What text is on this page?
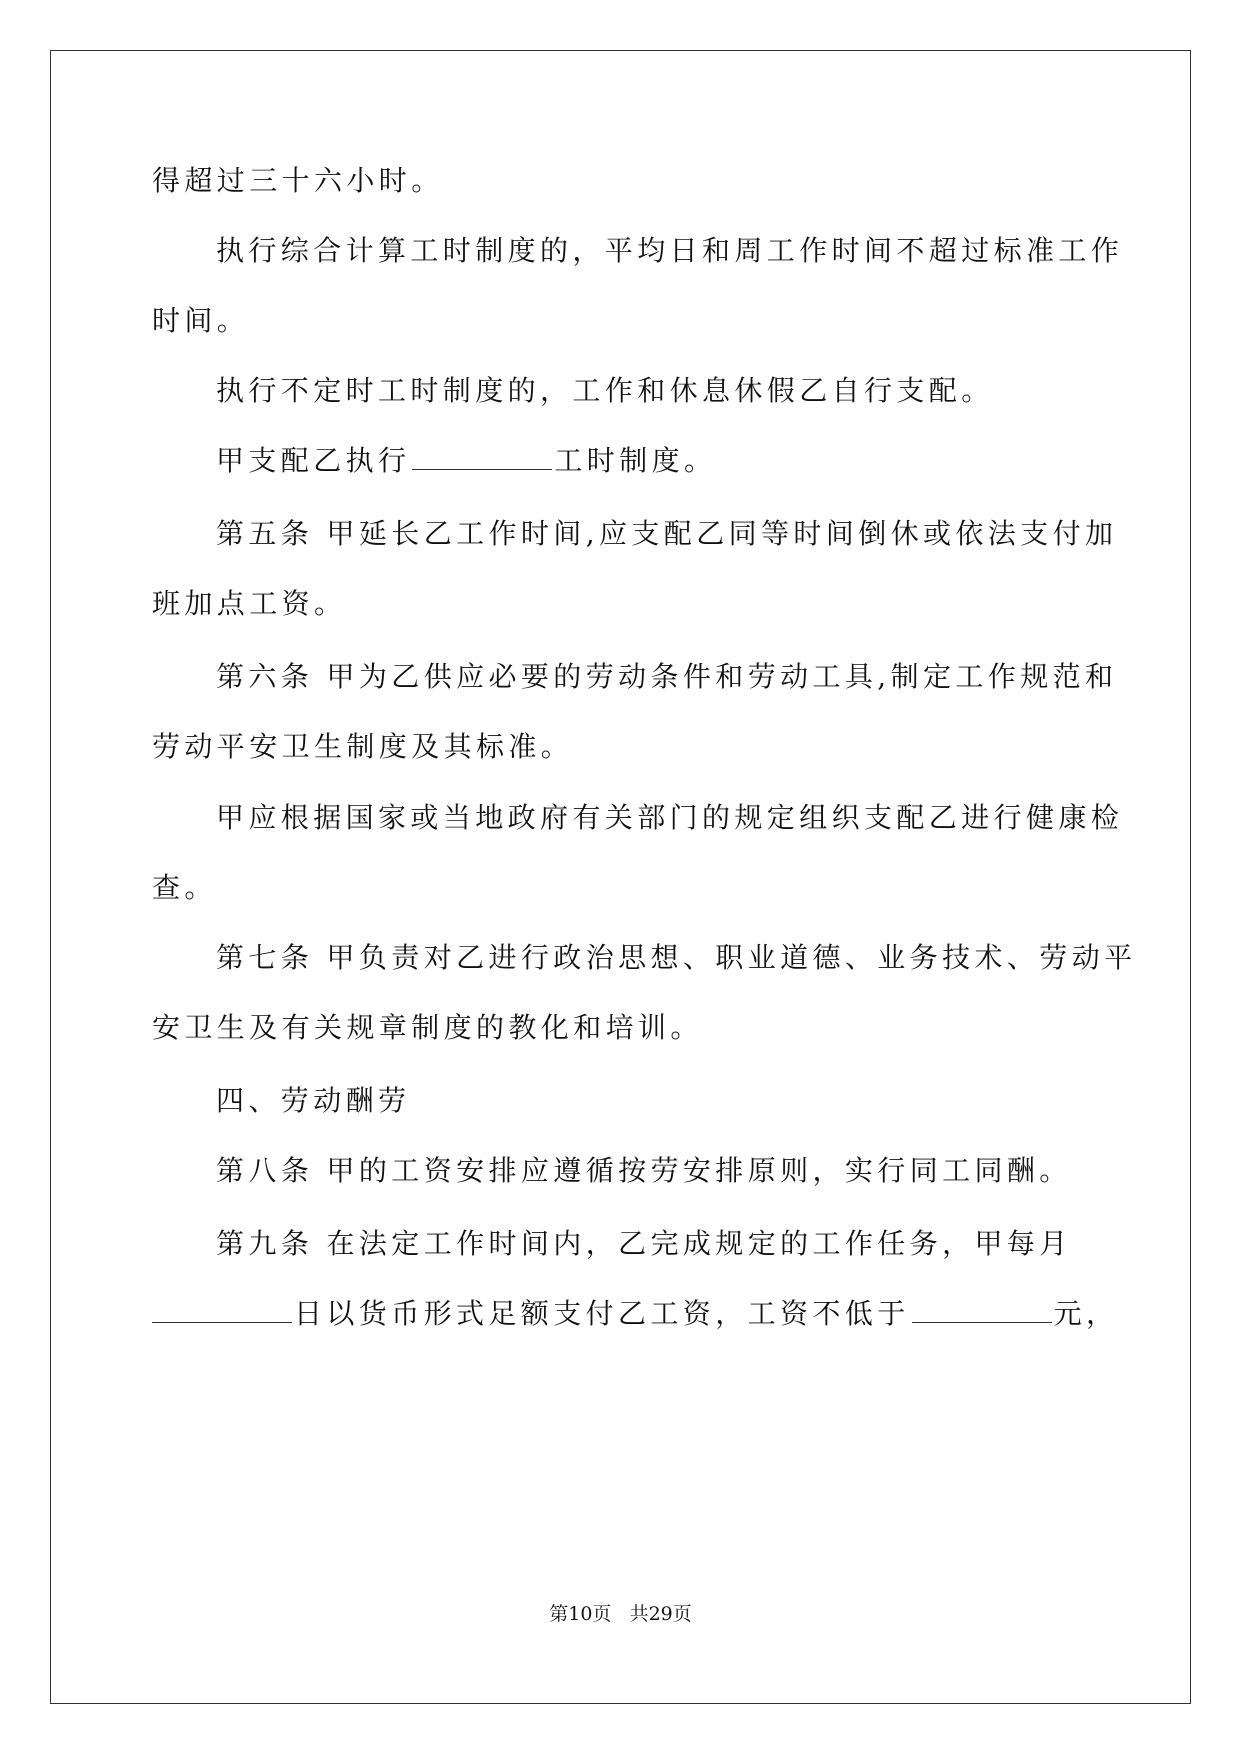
得超过三十六小时。
执行综合计算工时制度的，平均日和周工作时间不超过标准工作
时间。
执行不定时工时制度的，工作和休息休假乙自行支配。
甲支配乙执行	工时制度。
第五条 甲延长乙工作时间,应支配乙同等时间倒休或依法支付加
班加点工资。
第六条 甲为乙供应必要的劳动条件和劳动工具,制定工作规范和
劳动平安卫生制度及其标准。
甲应根据国家或当地政府有关部门的规定组织支配乙进行健康检
查。
第七条 甲负责对乙进行政治思想、职业道德、业务技术、劳动平
安卫生及有关规章制度的教化和培训。
四、劳动酬劳
第八条 甲的工资安排应遵循按劳安排原则，实行同工同酬。
第九条 在法定工作时间内，乙完成规定的工作任务，甲每月
日以货币形式足额支付乙工资，工资不低于	元，
第10页 共29页
